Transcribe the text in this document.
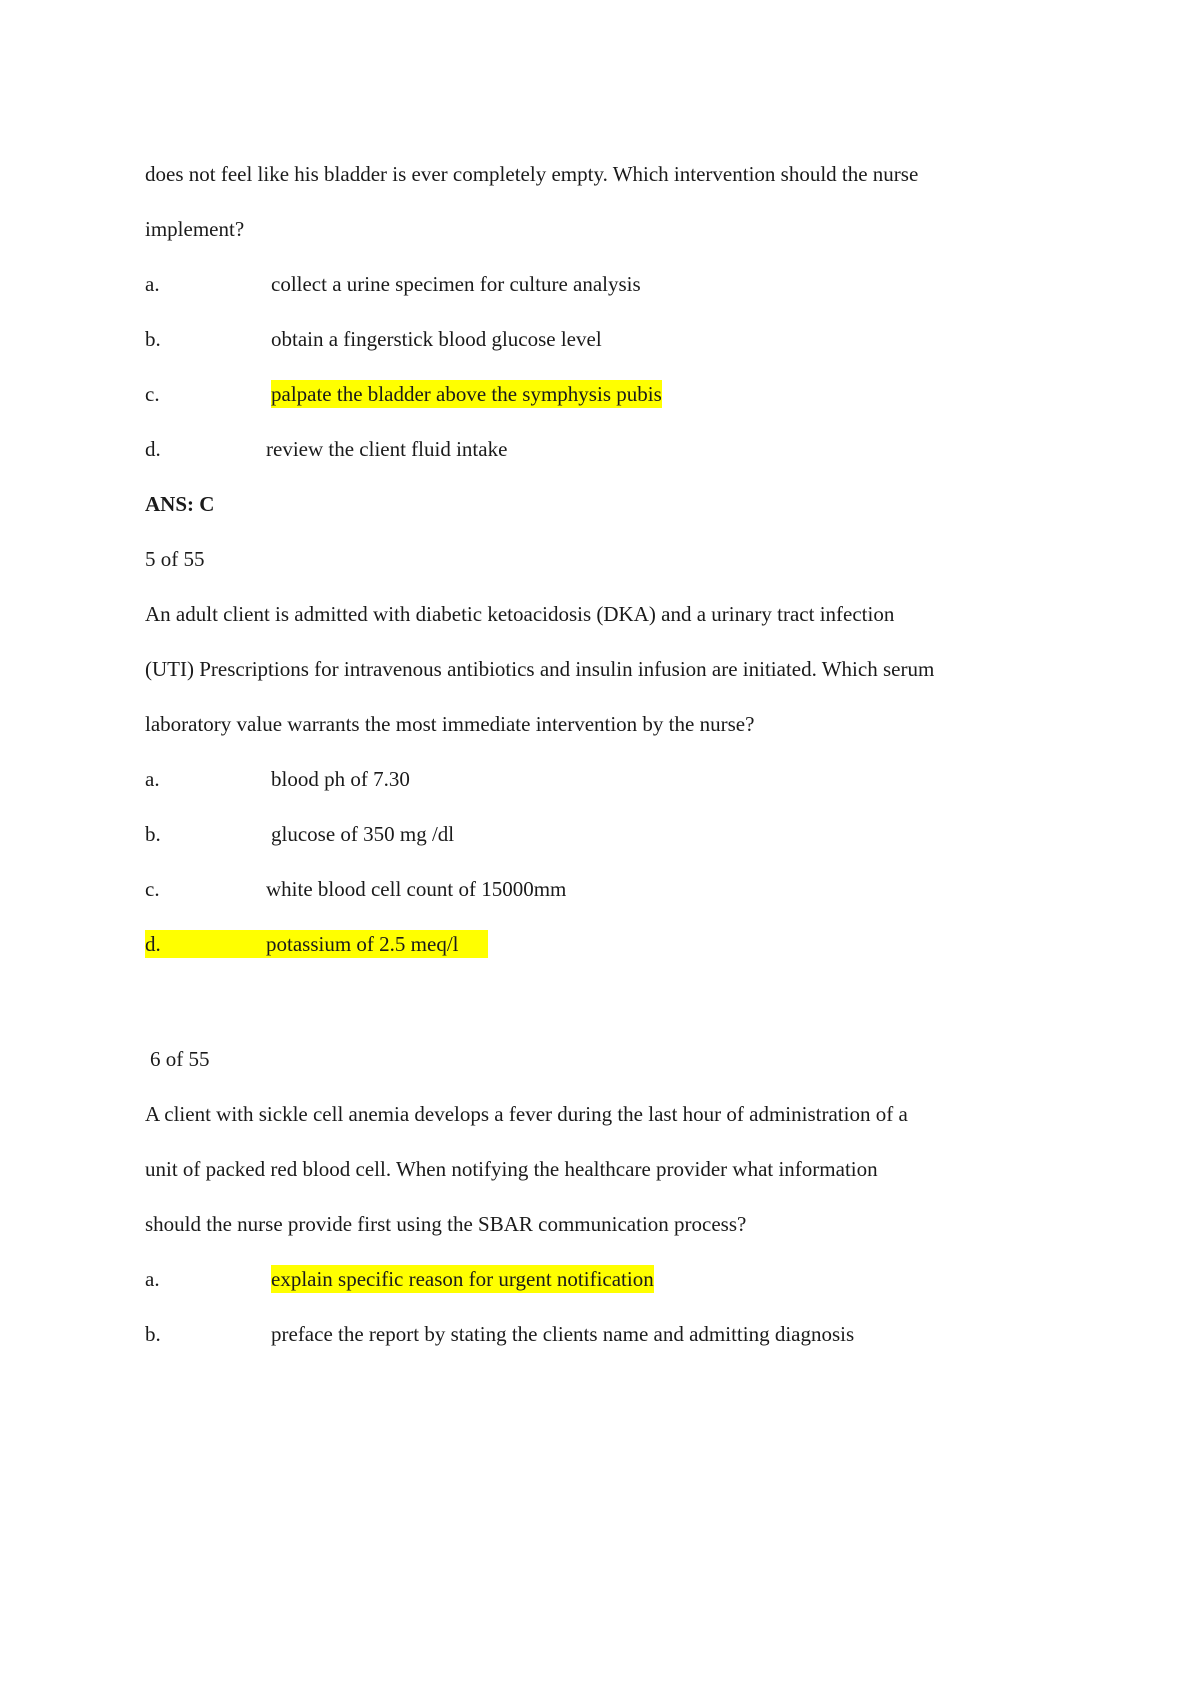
does not feel like his bladder is ever completely empty. Which intervention should the nurse
implement?
a.	collect a urine specimen for culture analysis
b.	obtain a fingerstick blood glucose level
c.	palpate the bladder above the symphysis pubis
d.	review the client fluid intake
ANS: C
5 of 55
An adult client is admitted with diabetic ketoacidosis (DKA) and a urinary tract infection
(UTI) Prescriptions for intravenous antibiotics and insulin infusion are initiated. Which serum
laboratory value warrants the most immediate intervention by the nurse?
a.	blood ph of 7.30
b.	glucose of 350 mg /dl
c.	white blood cell count of 15000mm
d.	potassium of 2.5 meq/l
6 of 55
A client with sickle cell anemia develops a fever during the last hour of administration of a
unit of packed red blood cell. When notifying the healthcare provider what information
should the nurse provide first using the SBAR communication process?
a.	explain specific reason for urgent notification
b.	preface the report by stating the clients name and admitting diagnosis
